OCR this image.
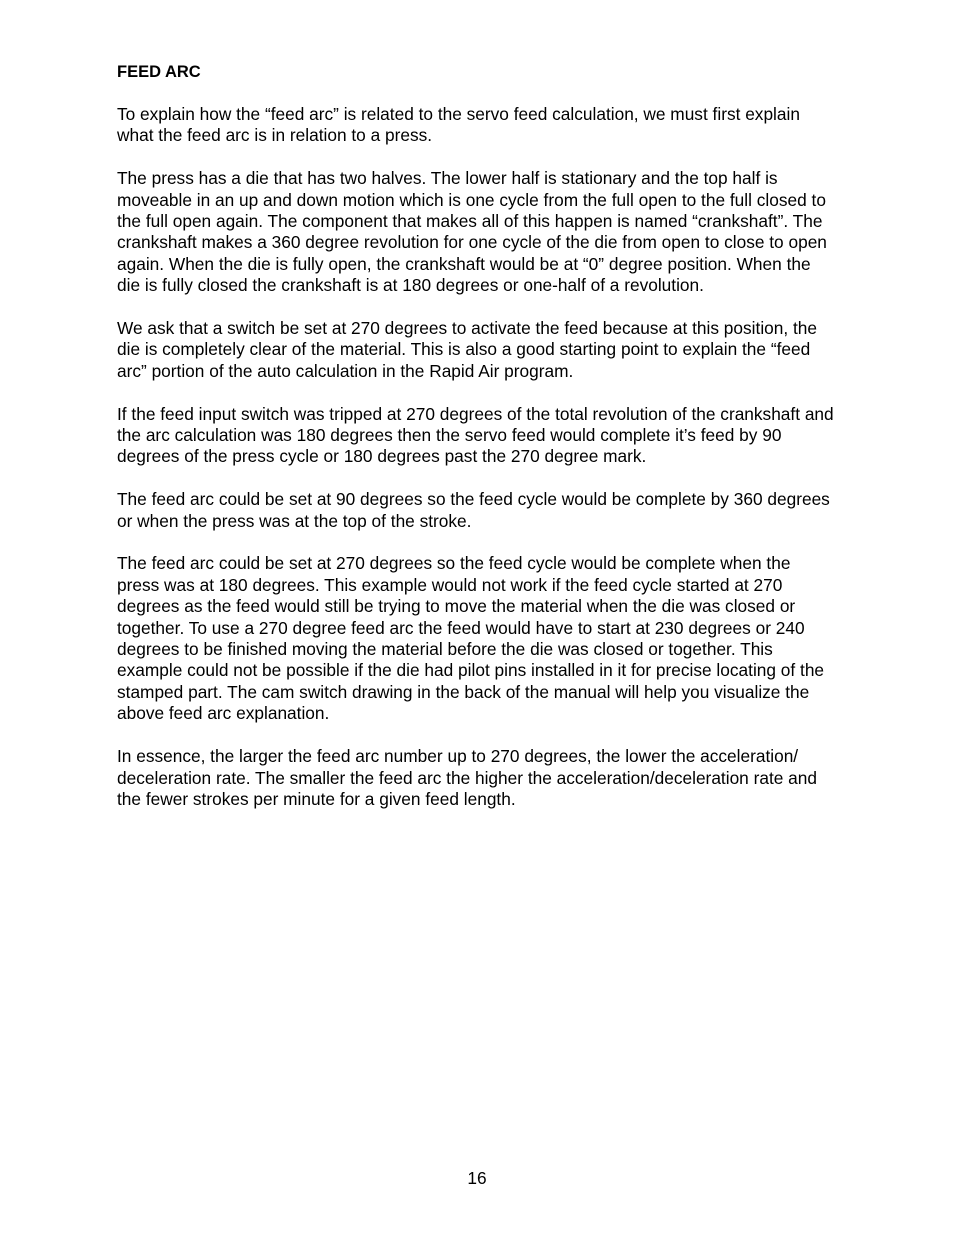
FEED ARC

To explain how the “feed arc” is related to the servo feed calculation, we must first explain
what the feed arc is in relation to a press.

The press has a die that has two halves. The lower half is stationary and the top half is
moveable in an up and down motion which is one cycle from the full open to the full closed to
the full open again. The component that makes all of this happen is named “crankshaft”. The
crankshaft makes a 360 degree revolution for one cycle of the die from open to close to open
again. When the die is fully open, the crankshaft would be at “0” degree position. When the
die is fully closed the crankshaft is at 180 degrees or one-half of a revolution.

We ask that a switch be set at 270 degrees to activate the feed because at this position, the
die is completely clear of the material. This is also a good starting point to explain the “feed
arc” portion of the auto calculation in the Rapid Air program.

If the feed input switch was tripped at 270 degrees of the total revolution of the crankshaft and
the arc calculation was 180 degrees then the servo feed would complete it’s feed by 90
degrees of the press cycle or 180 degrees past the 270 degree mark.

The feed arc could be set at 90 degrees so the feed cycle would be complete by 360 degrees
or when the press was at the top of the stroke.

The feed arc could be set at 270 degrees so the feed cycle would be complete when the
press was at 180 degrees. This example would not work if the feed cycle started at 270
degrees as the feed would still be trying to move the material when the die was closed or
together. To use a 270 degree feed arc the feed would have to start at 230 degrees or 240
degrees to be finished moving the material before the die was closed or together. This
example could not be possible if the die had pilot pins installed in it for precise locating of the
stamped part. The cam switch drawing in the back of the manual will help you visualize the
above feed arc explanation.

In essence, the larger the feed arc number up to 270 degrees, the lower the acceleration/
deceleration rate. The smaller the feed arc the higher the acceleration/deceleration rate and
the fewer strokes per minute for a given feed length.

16
